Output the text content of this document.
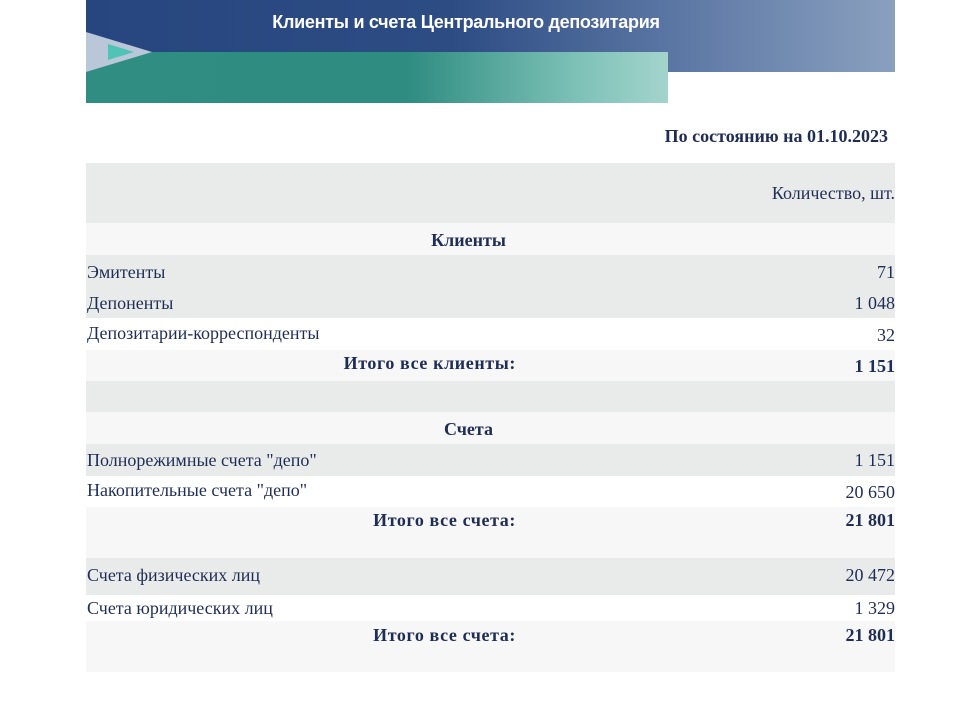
Клиенты и счета Центрального депозитария
По состоянию на 01.10.2023
Количество, шт.
Клиенты
Эмитенты	71
Депоненты	1 048
Депозитарии-корреспонденты	32
Итого все клиенты:	1 151
Счета
Полнорежимные счета "депо"	1 151
Накопительные счета "депо"	20 650
Итого все счета:	21 801
Счета физических лиц	20 472
Счета юридических лиц	1 329
Итого все счета:	21 801
